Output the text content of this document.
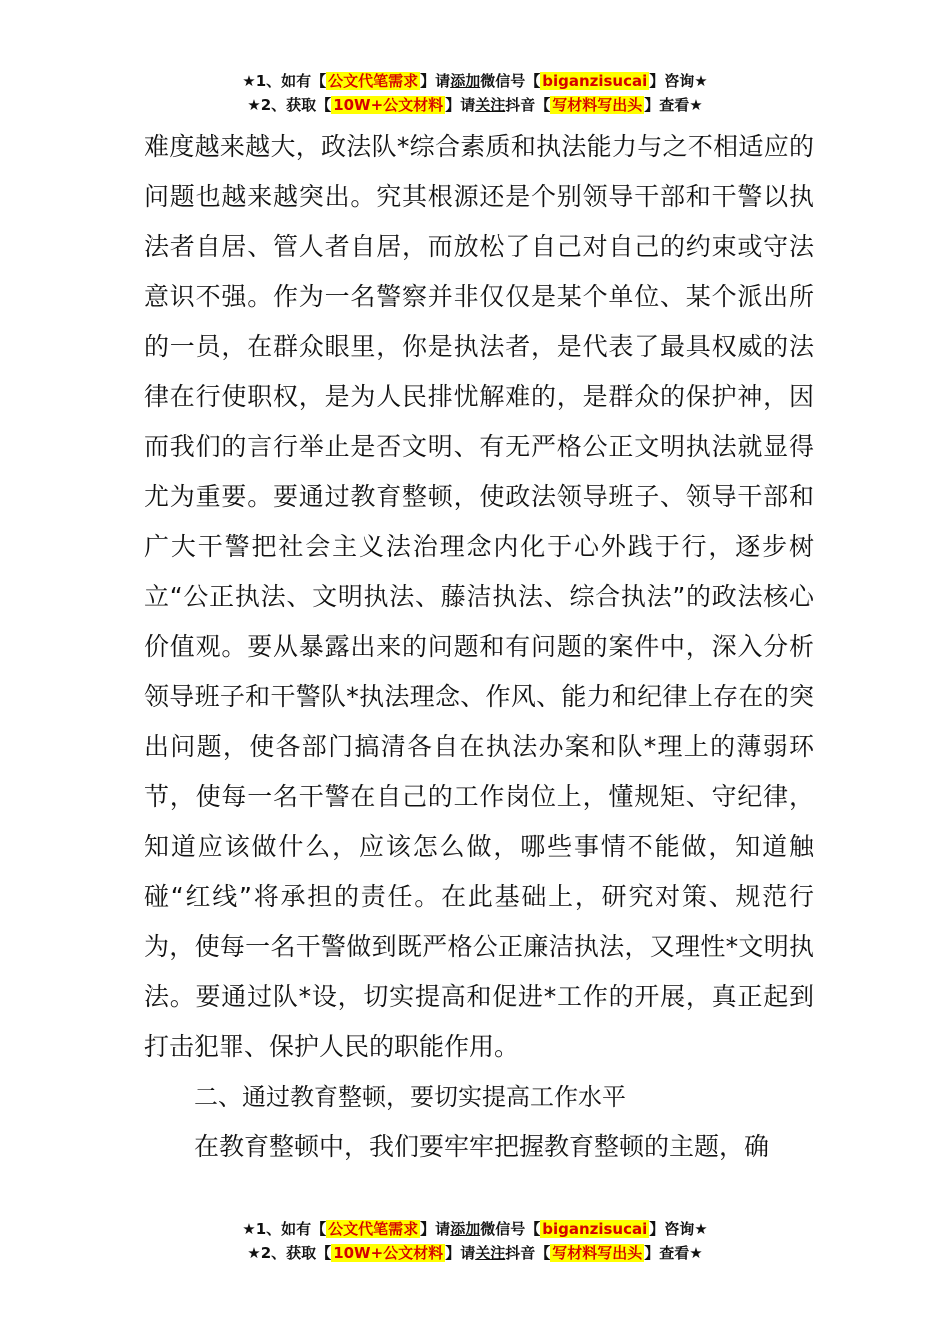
★1、如有【 公文代笔需求 】请添加微信号【 biganzisucai 】咨询★
★2、获取【 10W+公文材料 】请关注抖音【 写材料写出头 】查看★

难度越来越大，政法队*综合素质和执法能力与之不相适应的问题也越来越突出。究其根源还是个别领导干部和干警以执法者自居、管人者自居，而放松了自己对自己的约束或守法意识不强。作为一名警察并非仅仅是某个单位、某个派出所的一员，在群众眼里，你是执法者，是代表了最具权威的法律在行使职权，是为人民排忧解难的，是群众的保护神，因而我们的言行举止是否文明、有无严格公正文明执法就显得尤为重要。要通过教育整顿，使政法领导班子、领导干部和广大干警把社会主义法治理念内化于心外践于行，逐步树立“公正执法、文明执法、藤洁执法、综合执法”的政法核心价值观。要从暴露出来的问题和有问题的案件中，深入分析领导班子和干警队*执法理念、作风、能力和纪律上存在的突出问题，使各部门搞清各自在执法办案和队*理上的薄弱环节，使每一名干警在自己的工作岗位上，懂规矩、守纪律，知道应该做什么，应该怎么做，哪些事情不能做，知道触碰“红线”将承担的责任。在此基础上，研究对策、规范行为，使每一名干警做到既严格公正廉洁执法，又理性*文明执法。要通过队*设，切实提高和促进*工作的开展，真正起到打击犯罪、保护人民的职能作用。

二、通过教育整顿，要切实提高工作水平

在教育整顿中，我们要牢牢把握教育整顿的主题，确

★1、如有【 公文代笔需求 】请添加微信号【 biganzisucai 】咨询★
★2、获取【 10W+公文材料 】请关注抖音【 写材料写出头 】查看★
